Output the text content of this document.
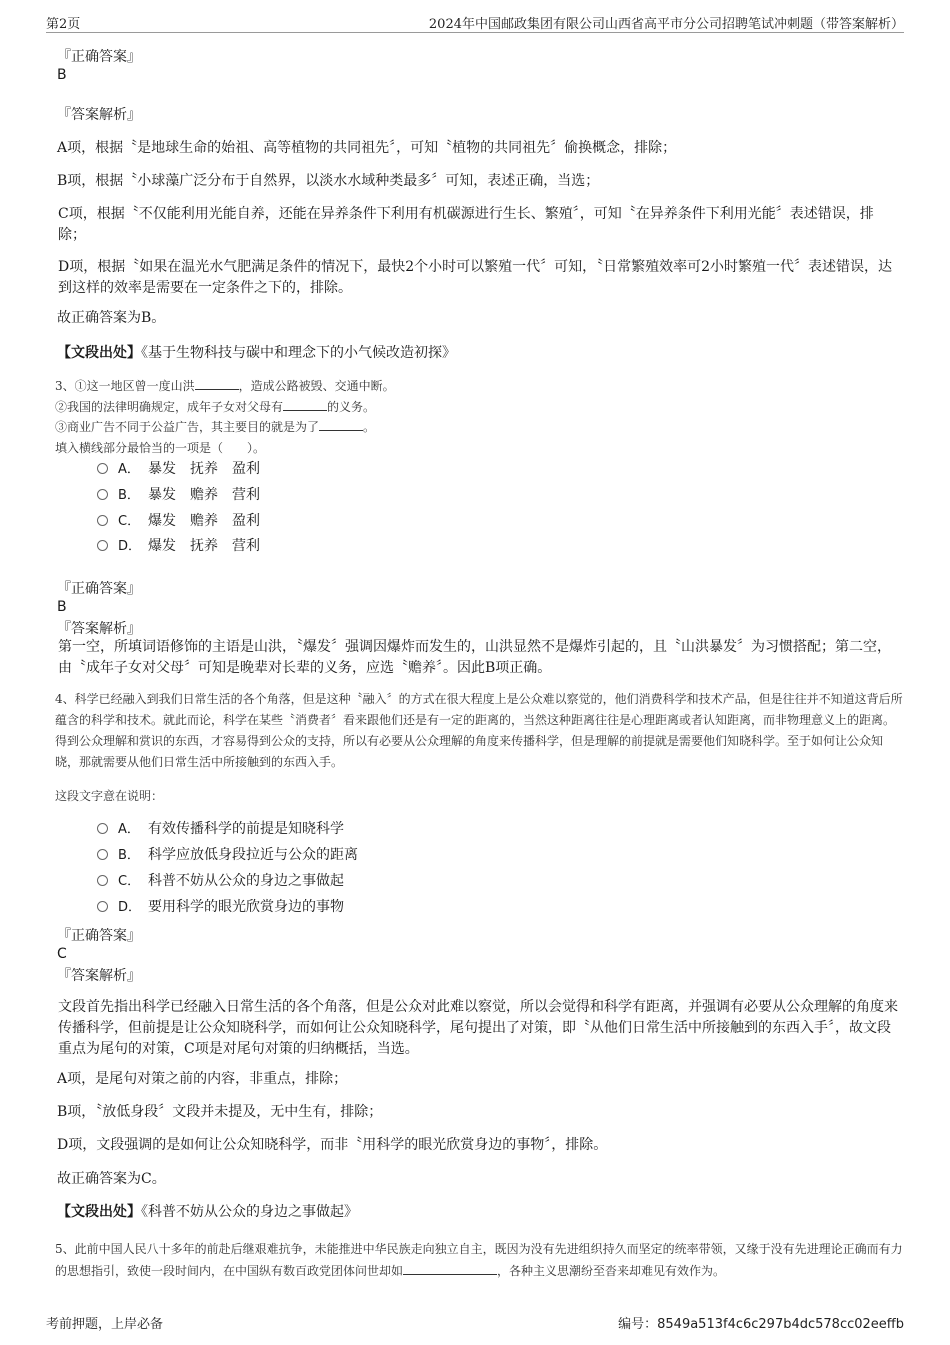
第2页	2024年中国邮政集团有限公司山西省高平市分公司招聘笔试冲刺题（带答案解析）
『正确答案』
B
『答案解析』
A项，根据〝是地球生命的始祖、高等植物的共同祖先〞，可知〝植物的共同祖先〞偷换概念，排除；
B项，根据〝小球藻广泛分布于自然界，以淡水水域种类最多〞可知，表述正确，当选；
C项，根据〝不仅能利用光能自养，还能在异养条件下利用有机碳源进行生长、繁殖〞，可知〝在异养条件下利用光能〞表述错误，排除；
D项，根据〝如果在温光水气肥满足条件的情况下，最快2个小时可以繁殖一代〞可知，〝日常繁殖效率可2小时繁殖一代〞表述错误，达到这样的效率是需要在一定条件之下的，排除。
故正确答案为B。
【文段出处】《基于生物科技与碳中和理念下的小气候改造初探》
3、①这一地区曾一度山洪	，造成公路被毁、交通中断。
②我国的法律明确规定，成年子女对父母有	的义务。
③商业广告不同于公益广告，其主要目的就是为了	。
填入横线部分最恰当的一项是（　　）。
A． 暴发　抚养　盈利
B． 暴发　赡养　营利
C． 爆发　赡养　盈利
D． 爆发　抚养　营利
『正确答案』
B
『答案解析』
第一空，所填词语修饰的主语是山洪，〝爆发〞强调因爆炸而发生的，山洪显然不是爆炸引起的，且〝山洪暴发〞为习惯搭配；第二空，由〝成年子女对父母〞可知是晚辈对长辈的义务，应选〝赡养〞。因此B项正确。
4、科学已经融入到我们日常生活的各个角落，但是这种〝融入〞的方式在很大程度上是公众难以察觉的，他们消费科学和技术产品，但是往往并不知道这背后所蕴含的科学和技术。就此而论，科学在某些〝消费者〞看来跟他们还是有一定的距离的，当然这种距离往往是心理距离或者认知距离，而非物理意义上的距离。得到公众理解和赏识的东西，才容易得到公众的支持，所以有必要从公众理解的角度来传播科学，但是理解的前提就是需要他们知晓科学。至于如何让公众知晓，那就需要从他们日常生活中所接触到的东西入手。
这段文字意在说明：
A． 有效传播科学的前提是知晓科学
B． 科学应放低身段拉近与公众的距离
C． 科普不妨从公众的身边之事做起
D． 要用科学的眼光欣赏身边的事物
『正确答案』
C
『答案解析』
文段首先指出科学已经融入日常生活的各个角落，但是公众对此难以察觉，所以会觉得和科学有距离，并强调有必要从公众理解的角度来传播科学，但前提是让公众知晓科学，而如何让公众知晓科学，尾句提出了对策，即〝从他们日常生活中所接触到的东西入手〞，故文段重点为尾句的对策，C项是对尾句对策的归纳概括，当选。
A项，是尾句对策之前的内容，非重点，排除；
B项，〝放低身段〞文段并未提及，无中生有，排除；
D项，文段强调的是如何让公众知晓科学，而非〝用科学的眼光欣赏身边的事物〞，排除。
故正确答案为C。
【文段出处】《科普不妨从公众的身边之事做起》
5、此前中国人民八十多年的前赴后继艰难抗争，未能推进中华民族走向独立自主，既因为没有先进组织持久而坚定的统率带领，又缘于没有先进理论正确而有力的思想指引，致使一段时间内，在中国纵有数百政党团体问世却如	，各种主义思潮纷至沓来却难见有效作为。
考前押题，上岸必备	编号：8549a513f4c6c297b4dc578cc02eeffb
